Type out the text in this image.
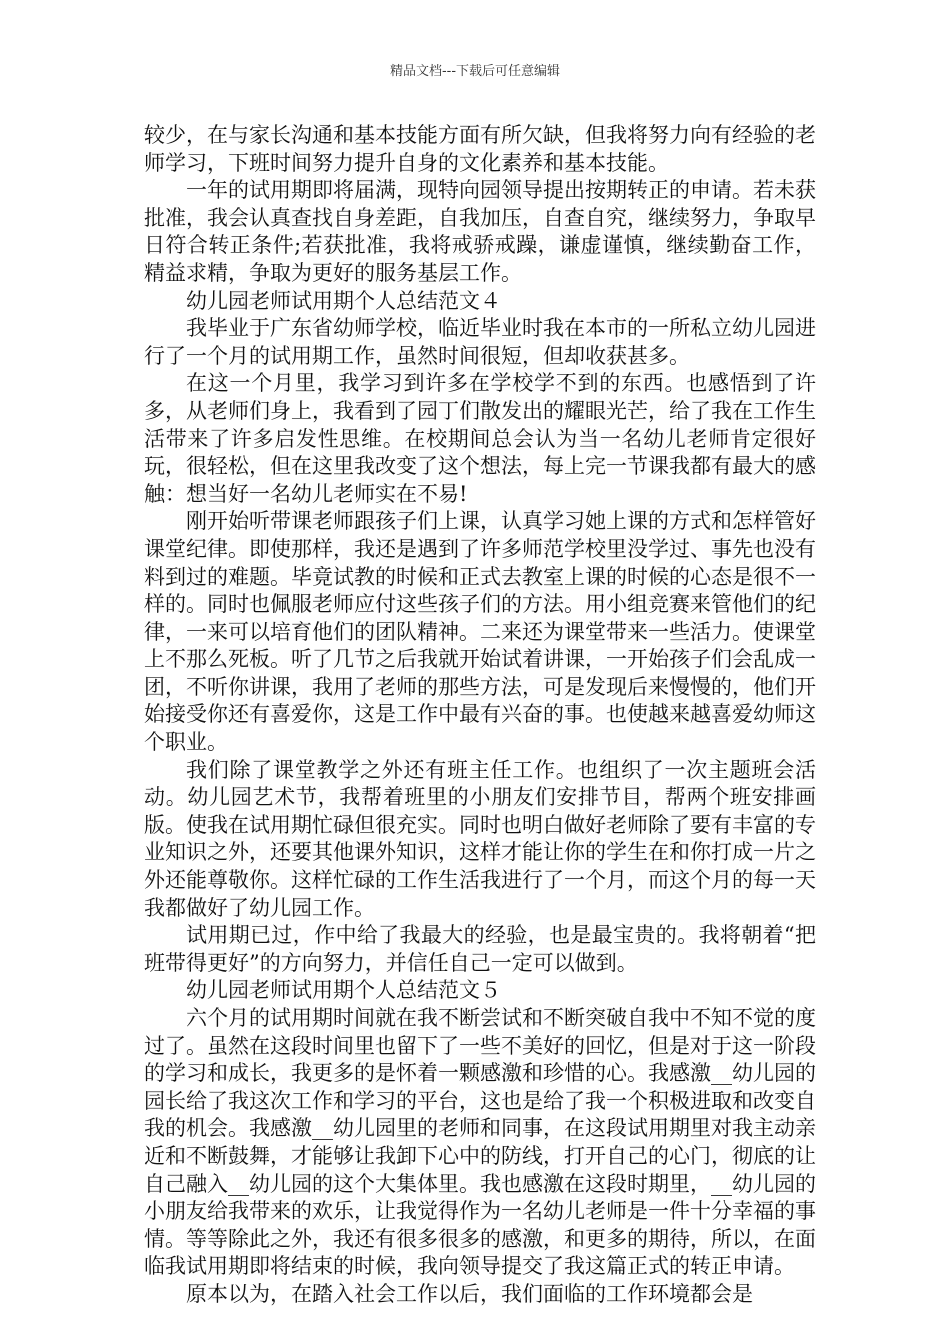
精品文档---下载后可任意编辑

较少，在与家长沟通和基本技能方面有所欠缺，但我将努力向有经验的老师学习，下班时间努力提升自身的文化素养和基本技能。

一年的试用期即将届满，现特向园领导提出按期转正的申请。若未获批准，我会认真查找自身差距，自我加压，自查自究，继续努力，争取早日符合转正条件;若获批准，我将戒骄戒躁，谦虚谨慎，继续勤奋工作，精益求精，争取为更好的服务基层工作。

幼儿园老师试用期个人总结范文４

我毕业于广东省幼师学校，临近毕业时我在本市的一所私立幼儿园进行了一个月的试用期工作，虽然时间很短，但却收获甚多。

在这一个月里，我学习到许多在学校学不到的东西。也感悟到了许多，从老师们身上，我看到了园丁们散发出的耀眼光芒，给了我在工作生活带来了许多启发性思维。在校期间总会认为当一名幼儿老师肯定很好玩，很轻松，但在这里我改变了这个想法，每上完一节课我都有最大的感触：想当好一名幼儿老师实在不易!

刚开始听带课老师跟孩子们上课，认真学习她上课的方式和怎样管好课堂纪律。即使那样，我还是遇到了许多师范学校里没学过、事先也没有料到过的难题。毕竟试教的时候和正式去教室上课的时候的心态是很不一样的。同时也佩服老师应付这些孩子们的方法。用小组竞赛来管他们的纪律，一来可以培育他们的团队精神。二来还为课堂带来一些活力。使课堂上不那么死板。听了几节之后我就开始试着讲课，一开始孩子们会乱成一团，不听你讲课，我用了老师的那些方法，可是发现后来慢慢的，他们开始接受你还有喜爱你，这是工作中最有兴奋的事。也使越来越喜爱幼师这个职业。

我们除了课堂教学之外还有班主任工作。也组织了一次主题班会活动。幼儿园艺术节，我帮着班里的小朋友们安排节目，帮两个班安排画版。使我在试用期忙碌但很充实。同时也明白做好老师除了要有丰富的专业知识之外，还要其他课外知识，这样才能让你的学生在和你打成一片之外还能尊敬你。这样忙碌的工作生活我进行了一个月，而这个月的每一天我都做好了幼儿园工作。

试用期已过，作中给了我最大的经验，也是最宝贵的。我将朝着“把班带得更好”的方向努力，并信任自己一定可以做到。

幼儿园老师试用期个人总结范文５

六个月的试用期时间就在我不断尝试和不断突破自我中不知不觉的度过了。虽然在这段时间里也留下了一些不美好的回忆，但是对于这一阶段的学习和成长，我更多的是怀着一颗感激和珍惜的心。我感激__幼儿园的园长给了我这次工作和学习的平台，这也是给了我一个积极进取和改变自我的机会。我感激__幼儿园里的老师和同事，在这段试用期里对我主动亲近和不断鼓舞，才能够让我卸下心中的防线，打开自己的心门，彻底的让自己融入__幼儿园的这个大集体里。我也感激在这段时期里，__幼儿园的小朋友给我带来的欢乐，让我觉得作为一名幼儿老师是一件十分幸福的事情。等等除此之外，我还有很多很多的感激，和更多的期待，所以，在面临我试用期即将结束的时候，我向领导提交了我这篇正式的转正申请。

原本以为，在踏入社会工作以后，我们面临的工作环境都会是
